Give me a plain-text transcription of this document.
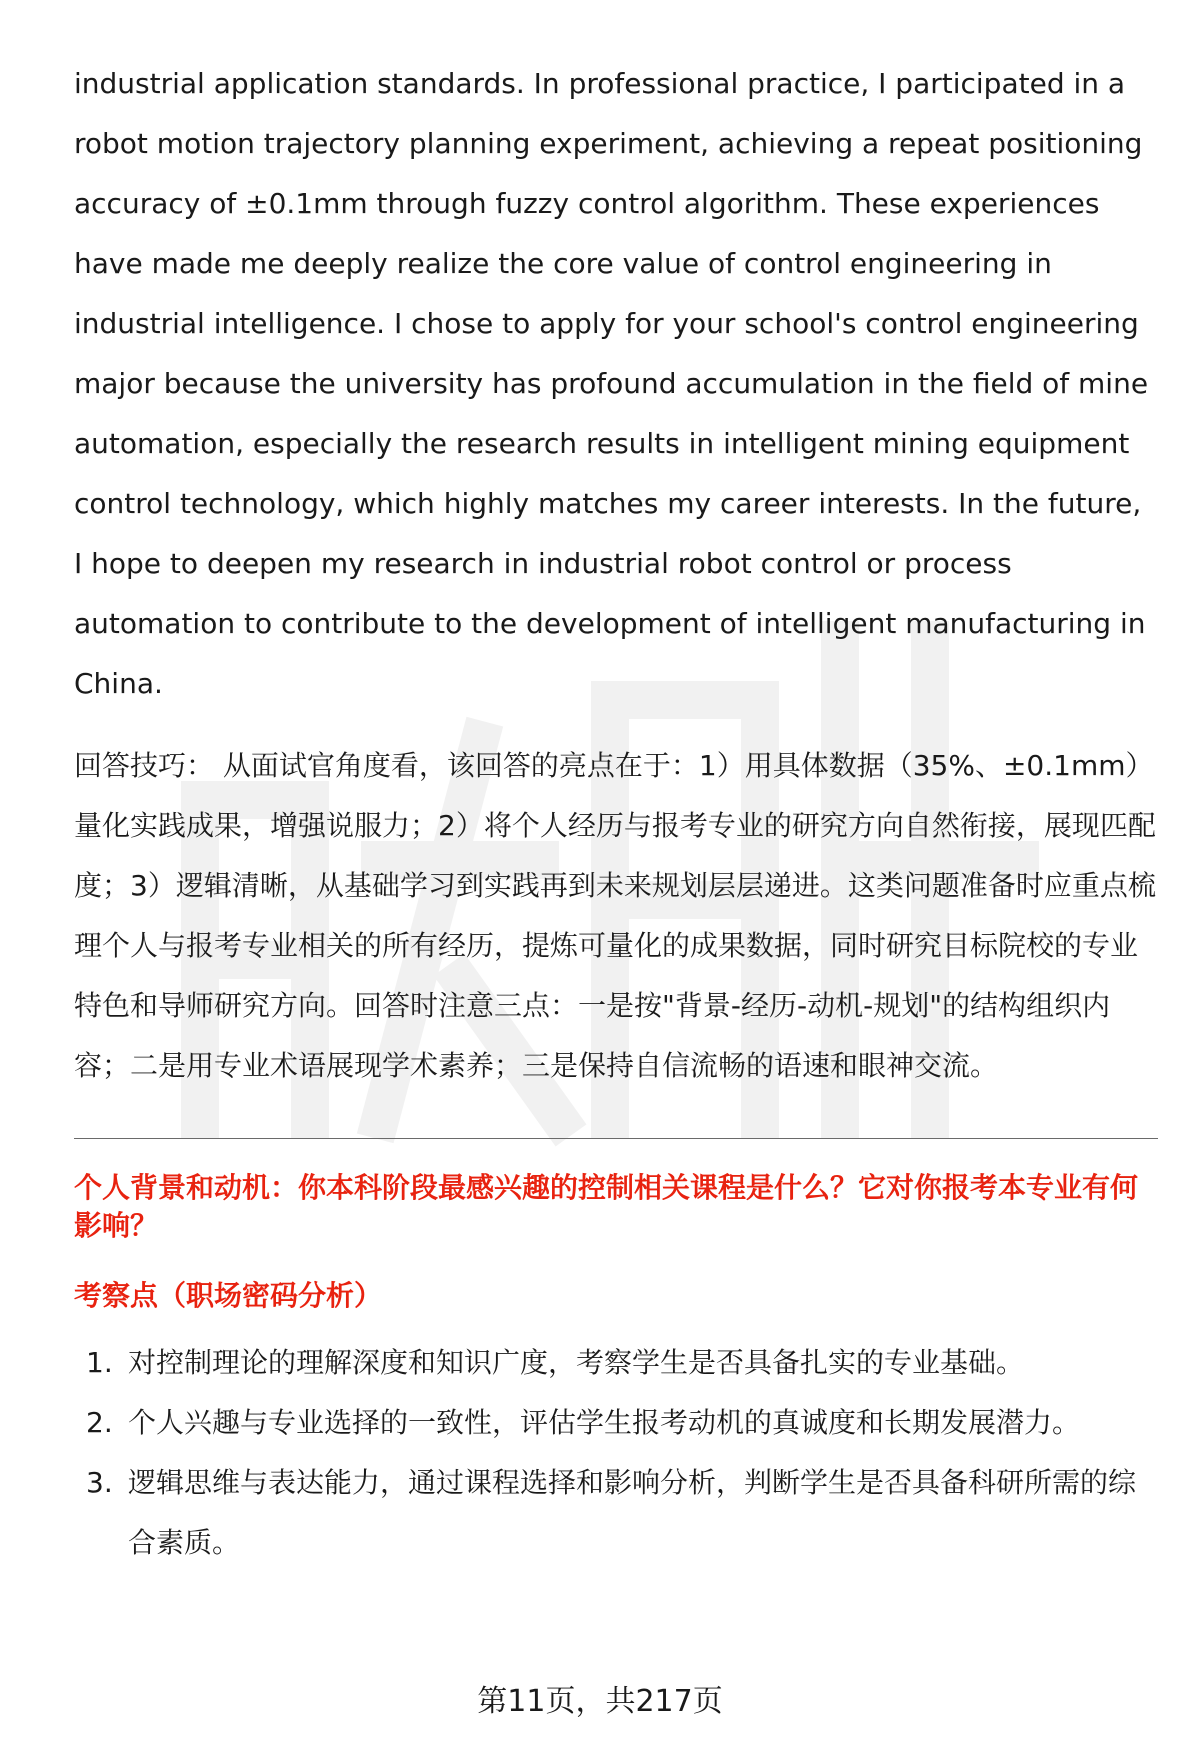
industrial application standards. In professional practice, I participated in a robot motion trajectory planning experiment, achieving a repeat positioning accuracy of ±0.1mm through fuzzy control algorithm. These experiences have made me deeply realize the core value of control engineering in industrial intelligence. I chose to apply for your school's control engineering major because the university has profound accumulation in the field of mine automation, especially the research results in intelligent mining equipment control technology, which highly matches my career interests. In the future, I hope to deepen my research in industrial robot control or process automation to contribute to the development of intelligent manufacturing in China.

回答技巧： 从面试官角度看，该回答的亮点在于：1）用具体数据（35%、±0.1mm）量化实践成果，增强说服力；2）将个人经历与报考专业的研究方向自然衔接，展现匹配度；3）逻辑清晰，从基础学习到实践再到未来规划层层递进。这类问题准备时应重点梳理个人与报考专业相关的所有经历，提炼可量化的成果数据，同时研究目标院校的专业特色和导师研究方向。回答时注意三点：一是按"背景-经历-动机-规划"的结构组织内容；二是用专业术语展现学术素养；三是保持自信流畅的语速和眼神交流。

个人背景和动机：你本科阶段最感兴趣的控制相关课程是什么？它对你报考本专业有何影响？

考察点（职场密码分析）
1. 对控制理论的理解深度和知识广度，考察学生是否具备扎实的专业基础。
2. 个人兴趣与专业选择的一致性，评估学生报考动机的真诚度和长期发展潜力。
3. 逻辑思维与表达能力，通过课程选择和影响分析，判断学生是否具备科研所需的综合素质。
第11页，共217页
